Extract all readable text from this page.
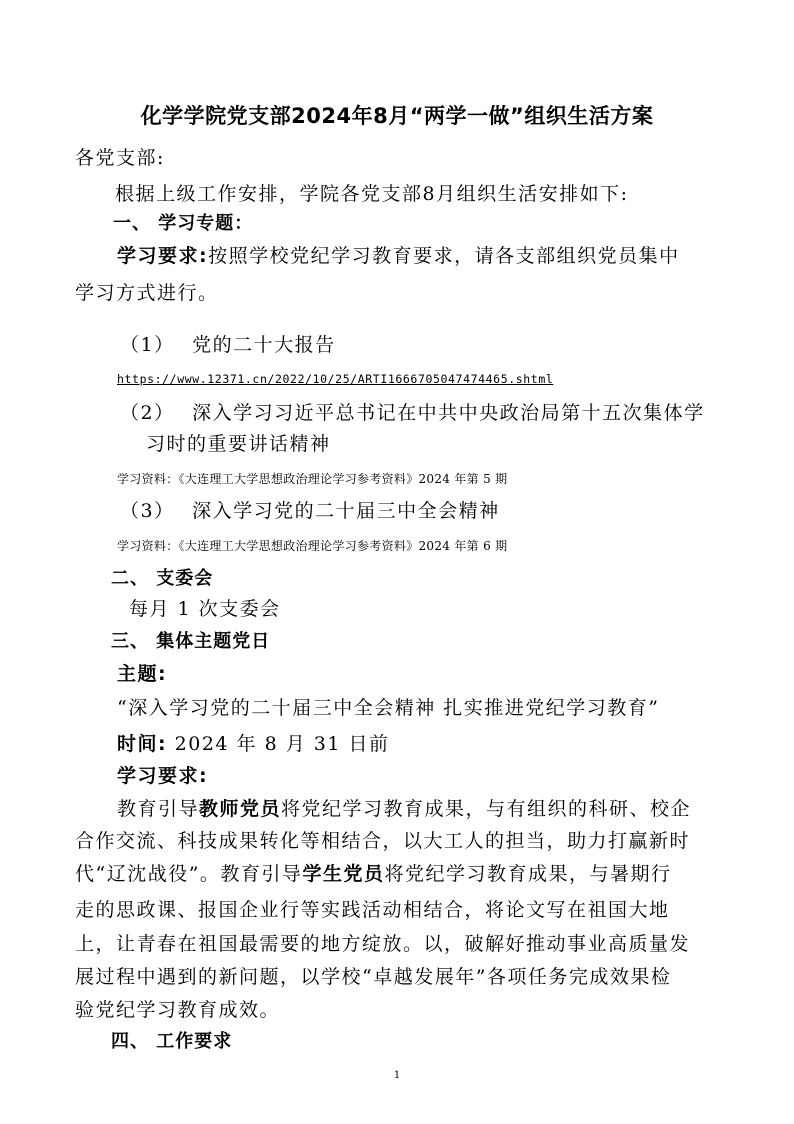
化学学院党支部2024年8月“两学一做”组织生活方案
各党支部:
根据上级工作安排，学院各党支部8月组织生活安排如下:
一、 学习专题：
学习要求:按照学校党纪学习教育要求，请各支部组织党员集中
学习方式进行。
（1） 党的二十大报告
https://www.12371.cn/2022/10/25/ARTI1666705047474465.shtml
（2） 深入学习习近平总书记在中共中央政治局第十五次集体学
习时的重要讲话精神
学习资料：《大连理工大学思想政治理论学习参考资料》2024 年第 5 期
（3） 深入学习党的二十届三中全会精神
学习资料：《大连理工大学思想政治理论学习参考资料》2024 年第 6 期
二、 支委会
每月 1 次支委会
三、 集体主题党日
主题:
“深入学习党的二十届三中全会精神 扎实推进党纪学习教育”
时间: 2024 年 8 月 31 日前
学习要求:
教育引导教师党员将党纪学习教育成果，与有组织的科研、校企
合作交流、科技成果转化等相结合，以大工人的担当，助力打赢新时
代“辽沈战役”。教育引导学生党员将党纪学习教育成果，与暑期行
走的思政课、报国企业行等实践活动相结合，将论文写在祖国大地
上，让青春在祖国最需要的地方绽放。以，破解好推动事业高质量发
展过程中遇到的新问题，以学校“卓越发展年”各项任务完成效果检
验党纪学习教育成效。
四、 工作要求
1
